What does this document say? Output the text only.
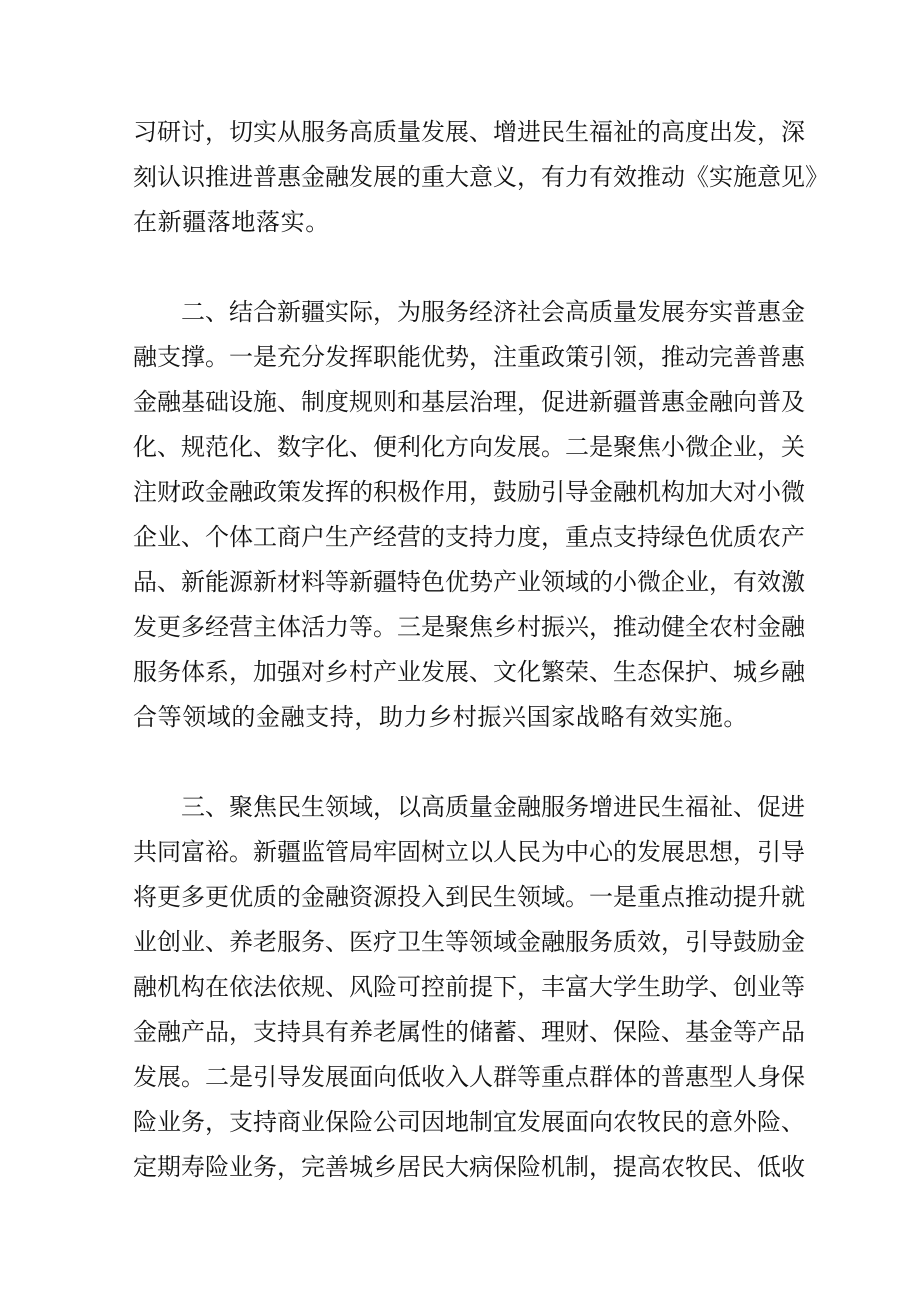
习研讨，切实从服务高质量发展、增进民生福祉的高度出发，深
刻认识推进普惠金融发展的重大意义，有力有效推动《实施意见》
在新疆落地落实。
二、结合新疆实际，为服务经济社会高质量发展夯实普惠金
融支撑。一是充分发挥职能优势，注重政策引领，推动完善普惠
金融基础设施、制度规则和基层治理，促进新疆普惠金融向普及
化、规范化、数字化、便利化方向发展。二是聚焦小微企业，关
注财政金融政策发挥的积极作用，鼓励引导金融机构加大对小微
企业、个体工商户生产经营的支持力度，重点支持绿色优质农产
品、新能源新材料等新疆特色优势产业领域的小微企业，有效激
发更多经营主体活力等。三是聚焦乡村振兴，推动健全农村金融
服务体系，加强对乡村产业发展、文化繁荣、生态保护、城乡融
合等领域的金融支持，助力乡村振兴国家战略有效实施。
三、聚焦民生领域，以高质量金融服务增进民生福祉、促进
共同富裕。新疆监管局牢固树立以人民为中心的发展思想，引导
将更多更优质的金融资源投入到民生领域。一是重点推动提升就
业创业、养老服务、医疗卫生等领域金融服务质效，引导鼓励金
融机构在依法依规、风险可控前提下，丰富大学生助学、创业等
金融产品，支持具有养老属性的储蓄、理财、保险、基金等产品
发展。二是引导发展面向低收入人群等重点群体的普惠型人身保
险业务，支持商业保险公司因地制宜发展面向农牧民的意外险、
定期寿险业务，完善城乡居民大病保险机制，提高农牧民、低收
